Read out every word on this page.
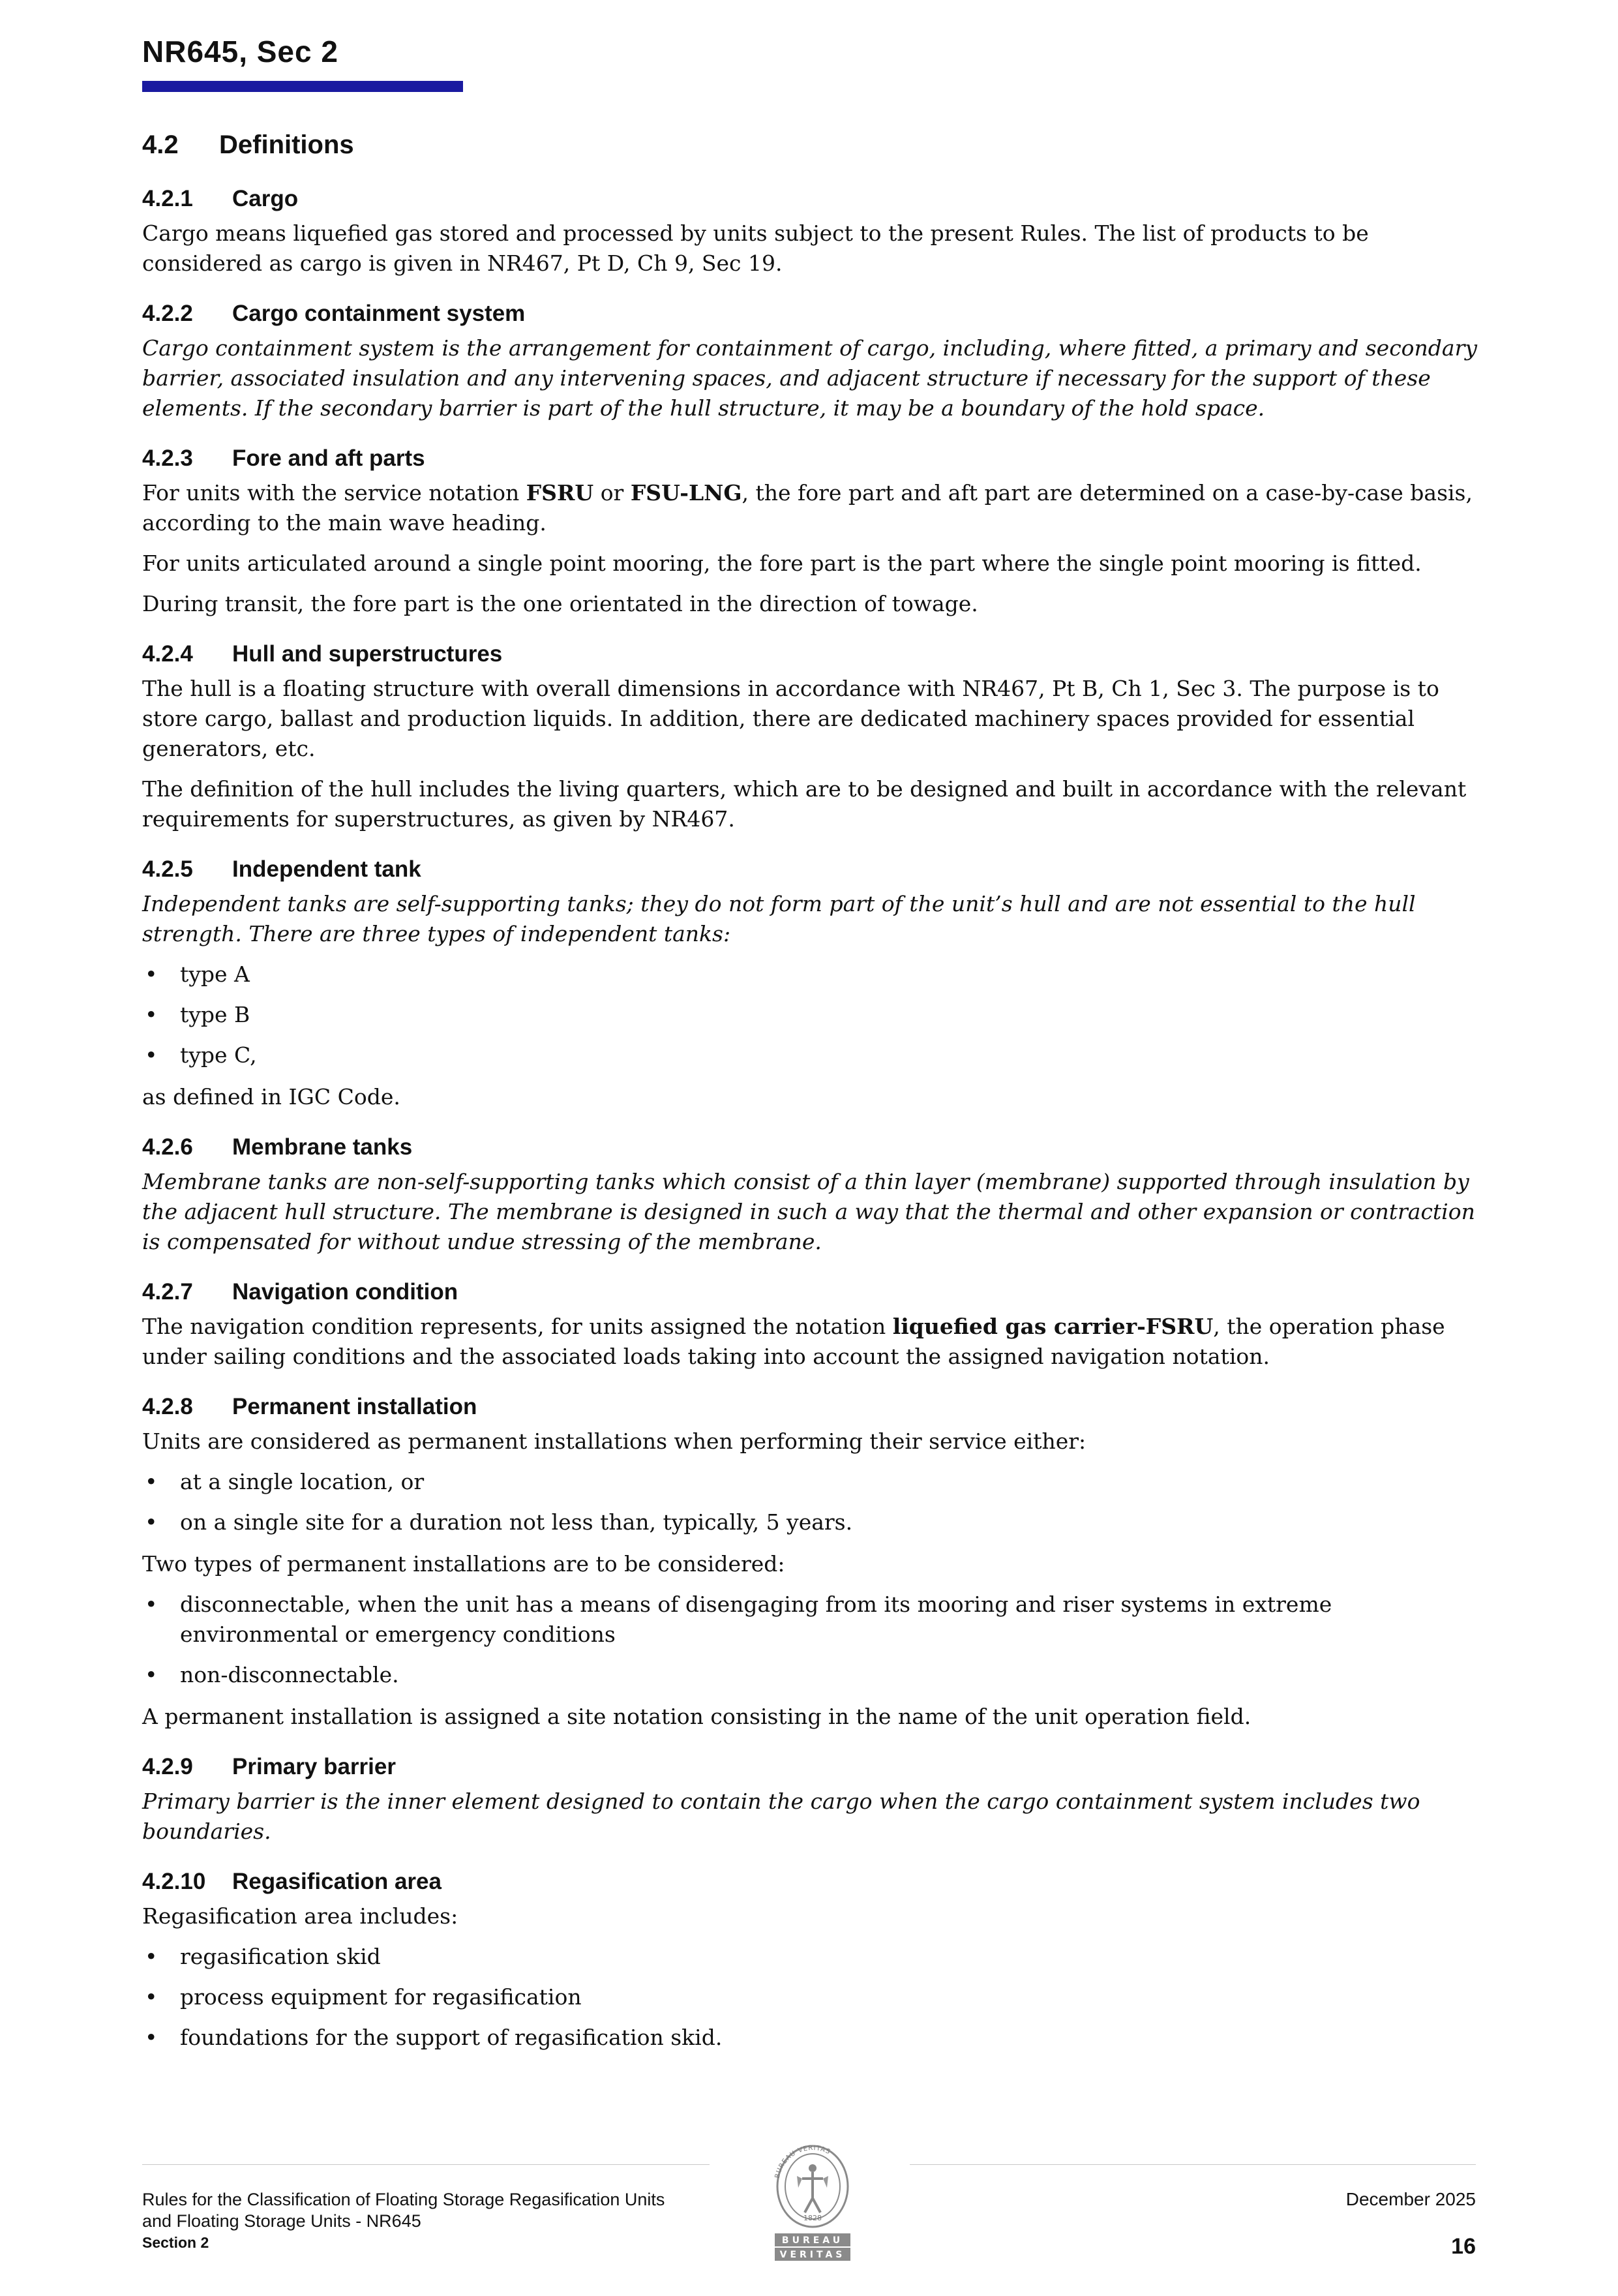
NR645, Sec 2
4.2 Definitions
4.2.1 Cargo

Cargo means liquefied gas stored and processed by units subject to the present Rules. The list of products to be considered as cargo is given in NR467, Pt D, Ch 9, Sec 19.

4.2.2 Cargo containment system

Cargo containment system is the arrangement for containment of cargo, including, where fitted, a primary and secondary barrier, associated insulation and any intervening spaces, and adjacent structure if necessary for the support of these elements. If the secondary barrier is part of the hull structure, it may be a boundary of the hold space.

4.2.3 Fore and aft parts

For units with the service notation FSRU or FSU-LNG, the fore part and aft part are determined on a case-by-case basis, according to the main wave heading.

For units articulated around a single point mooring, the fore part is the part where the single point mooring is fitted.

During transit, the fore part is the one orientated in the direction of towage.

4.2.4 Hull and superstructures

The hull is a floating structure with overall dimensions in accordance with NR467, Pt B, Ch 1, Sec 3. The purpose is to store cargo, ballast and production liquids. In addition, there are dedicated machinery spaces provided for essential generators, etc.

The definition of the hull includes the living quarters, which are to be designed and built in accordance with the relevant requirements for superstructures, as given by NR467.

4.2.5 Independent tank

Independent tanks are self-supporting tanks; they do not form part of the unit’s hull and are not essential to the hull strength. There are three types of independent tanks:

• type A
• type B
• type C,

as defined in IGC Code.

4.2.6 Membrane tanks

Membrane tanks are non-self-supporting tanks which consist of a thin layer (membrane) supported through insulation by the adjacent hull structure. The membrane is designed in such a way that the thermal and other expansion or contraction is compensated for without undue stressing of the membrane.

4.2.7 Navigation condition

The navigation condition represents, for units assigned the notation liquefied gas carrier-FSRU, the operation phase under sailing conditions and the associated loads taking into account the assigned navigation notation.

4.2.8 Permanent installation

Units are considered as permanent installations when performing their service either:

• at a single location, or
• on a single site for a duration not less than, typically, 5 years.

Two types of permanent installations are to be considered:

• disconnectable, when the unit has a means of disengaging from its mooring and riser systems in extreme environmental or emergency conditions
• non-disconnectable.

A permanent installation is assigned a site notation consisting in the name of the unit operation field.

4.2.9 Primary barrier

Primary barrier is the inner element designed to contain the cargo when the cargo containment system includes two boundaries.

4.2.10 Regasification area

Regasification area includes:

• regasification skid
• process equipment for regasification
• foundations for the support of regasification skid.
Rules for the Classification of Floating Storage Regasification Units
and Floating Storage Units - NR645
Section 2
BUREAU VERITAS
1828
BUREAU
VERITAS
December 2025
16
